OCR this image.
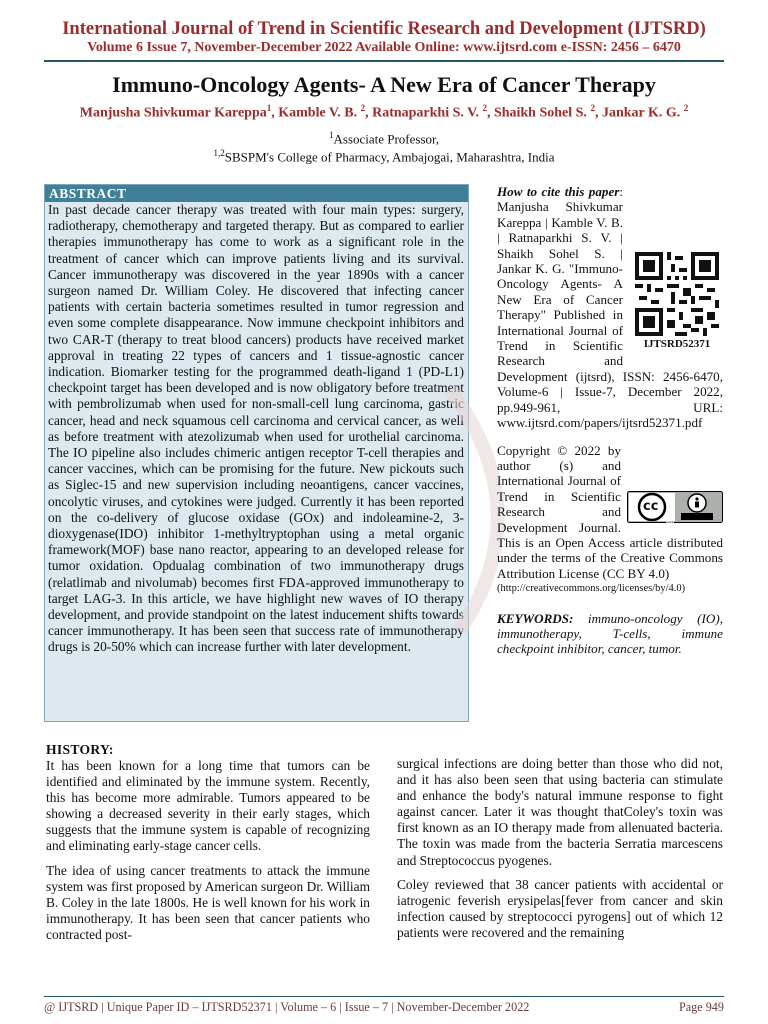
International Journal of Trend in Scientific Research and Development (IJTSRD)
Volume 6 Issue 7, November-December 2022 Available Online: www.ijtsrd.com e-ISSN: 2456 – 6470
Immuno-Oncology Agents- A New Era of Cancer Therapy
Manjusha Shivkumar Kareppa$^1$, Kamble V. B. $^2$, Ratnaparkhi S. V. $^2$, Shaikh Sohel S. $^2$, Jankar K. G. $^2$
$^1$Associate Professor,
$^{1,2}$SBSPM's College of Pharmacy, Ambajogai, Maharashtra, India
ABSTRACT
In past decade cancer therapy was treated with four main types: surgery, radiotherapy, chemotherapy and targeted therapy. But as compared to earlier therapies immunotherapy has come to work as a significant role in the treatment of cancer which can improve patients living and its survival. Cancer immunotherapy was discovered in the year 1890s with a cancer surgeon named Dr. William Coley. He discovered that infecting cancer patients with certain bacteria sometimes resulted in tumor regression and even some complete disappearance. Now immune checkpoint inhibitors and two CAR-T (therapy to treat blood cancers) products have received market approval in treating 22 types of cancers and 1 tissue-agnostic cancer indication. Biomarker testing for the programmed death-ligand 1 (PD-L1) checkpoint target has been developed and is now obligatory before treatment with pembrolizumab when used for non-small-cell lung carcinoma, gastric cancer, head and neck squamous cell carcinoma and cervical cancer, as well as before treatment with atezolizumab when used for urothelial carcinoma. The IO pipeline also includes chimeric antigen receptor T-cell therapies and cancer vaccines, which can be promising for the future. New pickouts such as Siglec-15 and new supervision including neoantigens, cancer vaccines, oncolytic viruses, and cytokines were judged. Currently it has been reported on the co-delivery of glucose oxidase (GOx) and indoleamine-2, 3-dioxygenase(IDO) inhibitor 1-methyltryptophan using a metal organic framework(MOF) base nano reactor, appearing to an developed release for tumor oxidation. Opdualag combination of two immunotherapy drugs (relatlimab and nivolumab) becomes first FDA-approved immunotherapy to target LAG-3. In this article, we have highlight new waves of IO therapy development, and provide standpoint on the latest inducement shifts towards cancer immunotherapy. It has been seen that success rate of immunotherapy drugs is 20-50% which can increase further with later development.
IJTSRD52371
How to cite this paper: Manjusha Shivkumar Kareppa | Kamble V. B. | Ratnaparkhi S. V. | Shaikh Sohel S. | Jankar K. G. "Immuno-Oncology Agents- A New Era of Cancer Therapy" Published in International Journal of Trend in Scientific Research and Development (ijtsrd), ISSN: 2456-6470, Volume-6 | Issue-7, December 2022, pp.949-961, URL: www.ijtsrd.com/papers/ijtsrd52371.pdf
cc $^{BY}$
Copyright © 2022 by author (s) and International Journal of Trend in Scientific Research and Development Journal. This is an Open Access article distributed under the terms of the Creative Commons Attribution License (CC BY 4.0)
(http://creativecommons.org/licenses/by/4.0)
KEYWORDS: immuno-oncology (IO), immunotherapy, T-cells, immune checkpoint inhibitor, cancer, tumor.
HISTORY:

It has been known for a long time that tumors can be identified and eliminated by the immune system. Recently, this has become more admirable. Tumors appeared to be showing a decreased severity in their early stages, which suggests that the immune system is capable of recognizing and eliminating early-stage cancer cells.

The idea of using cancer treatments to attack the immune system was first proposed by American surgeon Dr. William B. Coley in the late 1800s. He is well known for his work in immunotherapy. It has been seen that cancer patients who contracted post-

surgical infections are doing better than those who did not, and it has also been seen that using bacteria can stimulate and enhance the body's natural immune response to fight against cancer. Later it was thought thatColey's toxin was first known as an IO therapy made from allenuated bacteria. The toxin was made from the bacteria Serratia marcescens and Streptococcus pyogenes.

Coley reviewed that 38 cancer patients with accidental or iatrogenic feverish erysipelas[fever from cancer and skin infection caused by streptococci pyrogens] out of which 12 patients were recovered and the remaining

@ IJTSRD | Unique Paper ID – IJTSRD52371 | Volume – 6 | Issue – 7 | November-December 2022	Page 949
